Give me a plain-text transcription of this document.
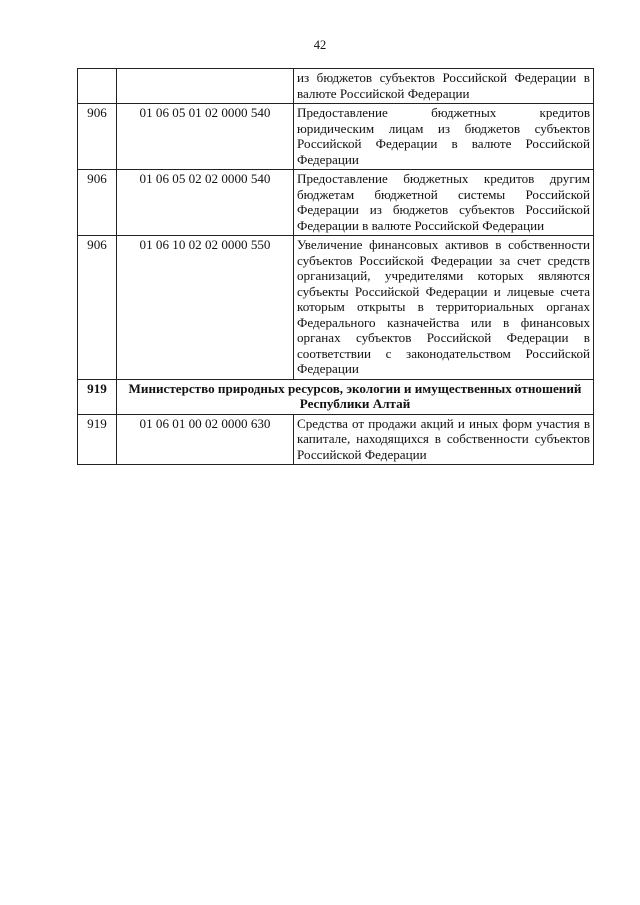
42
		из бюджетов субъектов Российской Федерации в валюте Российской Федерации
906	01 06 05 01 02 0000 540	Предоставление бюджетных кредитов юридическим лицам из бюджетов субъектов Российской Федерации в валюте Российской Федерации
906	01 06 05 02 02 0000 540	Предоставление бюджетных кредитов другим бюджетам бюджетной системы Российской Федерации из бюджетов субъектов Российской Федерации в валюте Российской Федерации
906	01 06 10 02 02 0000 550	Увеличение финансовых активов в собственности субъектов Российской Федерации за счет средств организаций, учредителями которых являются субъекты Российской Федерации и лицевые счета которым открыты в территориальных органах Федерального казначейства или в финансовых органах субъектов Российской Федерации в соответствии с законодательством Российской Федерации
919	Министерство природных ресурсов, экологии и имущественных отношений Республики Алтай	
919	01 06 01 00 02 0000 630	Средства от продажи акций и иных форм участия в капитале, находящихся в собственности субъектов Российской Федерации
